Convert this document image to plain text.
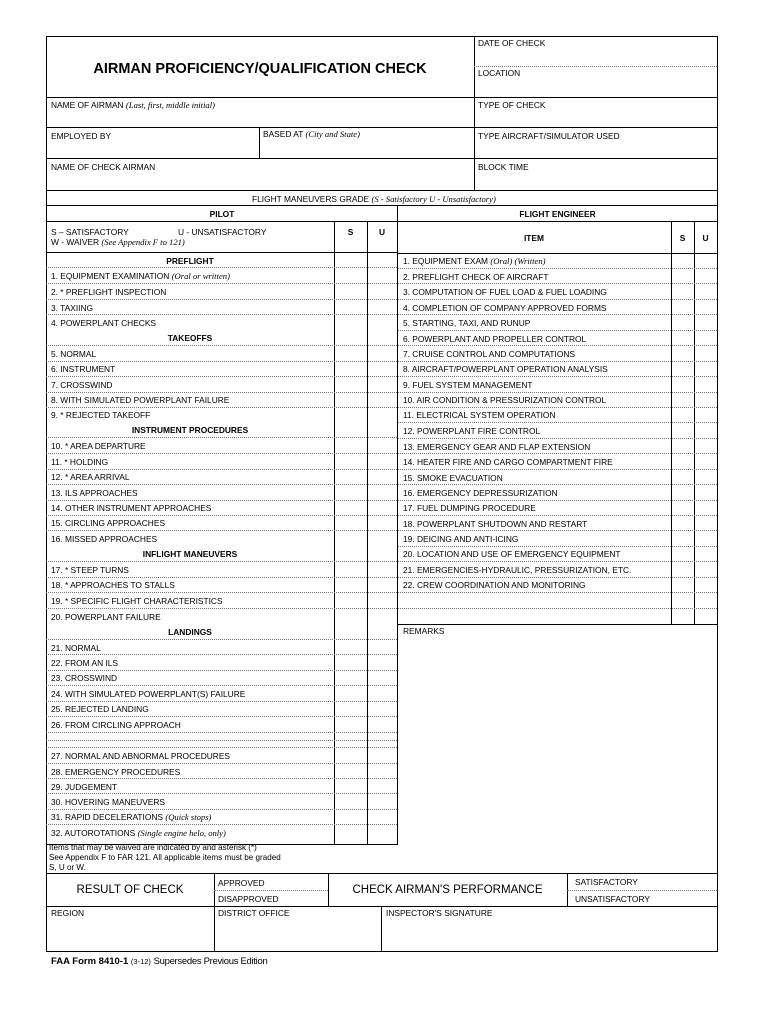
AIRMAN PROFICIENCY/QUALIFICATION CHECK
DATE OF CHECK
LOCATION
NAME OF AIRMAN (Last, first, middle initial)	TYPE OF CHECK
EMPLOYED BY	BASED AT (City and State)	TYPE AIRCRAFT/SIMULATOR USED
NAME OF CHECK AIRMAN	BLOCK TIME
FLIGHT MANEUVERS GRADE (S - Satisfactory U - Unsatisfactory)
PILOT
S – SATISFACTORY	U - UNSATISFACTORY
W - WAIVER (See Appendix F to 121)
S	U
FLIGHT ENGINEER
ITEM	S	U
PREFLIGHT
1. EQUIPMENT EXAMINATION (Oral or written)
2. * PREFLIGHT INSPECTION
3. TAXIING
4. POWERPLANT CHECKS
TAKEOFFS
5. NORMAL
6. INSTRUMENT
7. CROSSWIND
8. WITH SIMULATED POWERPLANT FAILURE
9. * REJECTED TAKEOFF
INSTRUMENT PROCEDURES
10. * AREA DEPARTURE
11. * HOLDING
12. * AREA ARRIVAL
13. ILS APPROACHES
14. OTHER INSTRUMENT APPROACHES
15. CIRCLING APPROACHES
16. MISSED APPROACHES
INFLIGHT MANEUVERS
17. * STEEP TURNS
18. * APPROACHES TO STALLS
19. * SPECIFIC FLIGHT CHARACTERISTICS
20. POWERPLANT FAILURE
LANDINGS
21. NORMAL
22. FROM AN ILS
23. CROSSWIND
24. WITH SIMULATED POWERPLANT(S) FAILURE
25. REJECTED LANDING
26. FROM CIRCLING APPROACH
27. NORMAL AND ABNORMAL PROCEDURES
28. EMERGENCY PROCEDURES
29. JUDGEMENT
30. HOVERING MANEUVERS
31. RAPID DECELERATIONS (Quick stops)
32. AUTOROTATIONS (Single engine helo, only)
1. EQUIPMENT EXAM (Oral) (Written)
2. PREFLIGHT CHECK OF AIRCRAFT
3. COMPUTATION OF FUEL LOAD & FUEL LOADING
4. COMPLETION OF COMPANY APPROVED FORMS
5. STARTING, TAXI, AND RUNUP
6. POWERPLANT AND PROPELLER CONTROL
7. CRUISE CONTROL AND COMPUTATIONS
8. AIRCRAFT/POWERPLANT OPERATION ANALYSIS
9. FUEL SYSTEM MANAGEMENT
10. AIR CONDITION & PRESSURIZATION CONTROL
11. ELECTRICAL SYSTEM OPERATION
12. POWERPLANT FIRE CONTROL
13. EMERGENCY GEAR AND FLAP EXTENSION
14. HEATER FIRE AND CARGO COMPARTMENT FIRE
15. SMOKE EVACUATION
16. EMERGENCY DEPRESSURIZATION
17. FUEL DUMPING PROCEDURE
18. POWERPLANT SHUTDOWN AND RESTART
19. DEICING AND ANTI-ICING
20. LOCATION AND USE OF EMERGENCY EQUIPMENT
21. EMERGENCIES-HYDRAULIC, PRESSURIZATION, ETC.
22. CREW COORDINATION AND MONITORING
REMARKS
Items that may be waived are indicated by and asterisk (*)
See Appendix F to FAR 121. All applicable items must be graded
S, U or W.
RESULT OF CHECK
APPROVED
DISAPPROVED
CHECK AIRMAN'S PERFORMANCE
SATISFACTORY
UNSATISFACTORY
REGION	DISTRICT OFFICE	INSPECTOR'S SIGNATURE
FAA Form 8410-1 (3-12) Supersedes Previous Edition
